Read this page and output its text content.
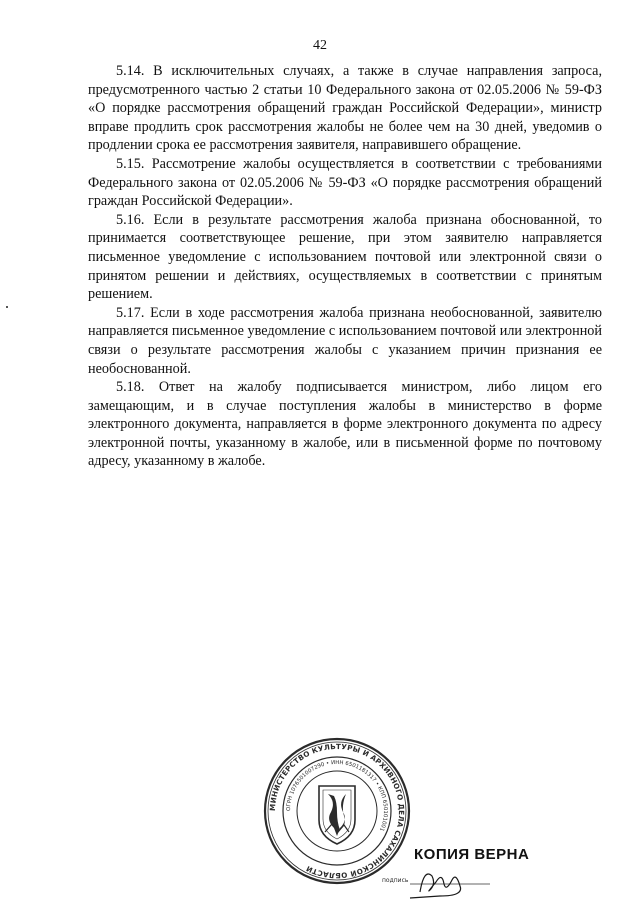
42

5.14. В исключительных случаях, а также в случае направления запроса, предусмотренного частью 2 статьи 10 Федерального закона от 02.05.2006 № 59-ФЗ «О порядке рассмотрения обращений граждан Российской Федерации», министр вправе продлить срок рассмотрения жалобы не более чем на 30 дней, уведомив о продлении срока ее рассмотрения заявителя, направившего обращение.

5.15. Рассмотрение жалобы осуществляется в соответствии с требованиями Федерального закона от 02.05.2006 № 59-ФЗ «О порядке рассмотрения обращений граждан Российской Федерации».

5.16. Если в результате рассмотрения жалоба признана обоснованной, то принимается соответствующее решение, при этом заявителю направляется письменное уведомление с использованием почтовой или электронной связи о принятом решении и действиях, осуществляемых в соответствии с принятым решением.

5.17. Если в ходе рассмотрения жалоба признана необоснованной, заявителю направляется письменное уведомление с использованием почтовой или электронной связи о результате рассмотрения жалобы с указанием причин признания ее необоснованной.

5.18. Ответ на жалобу подписывается министром, либо лицом его замещающим, и в случае поступления жалобы в министерство в форме электронного документа, направляется в форме электронного документа по адресу электронной почты, указанному в жалобе, или в письменной форме по почтовому адресу, указанному в жалобе.

МИНИСТЕРСТВО КУЛЬТУРЫ И АРХИВНОГО ДЕЛА САХАЛИНСКОЙ ОБЛАСТИ
ОГРН 1076501007290 • ИНН 6501181317 • КПП 650101001
КОПИЯ ВЕРНА
подпись
